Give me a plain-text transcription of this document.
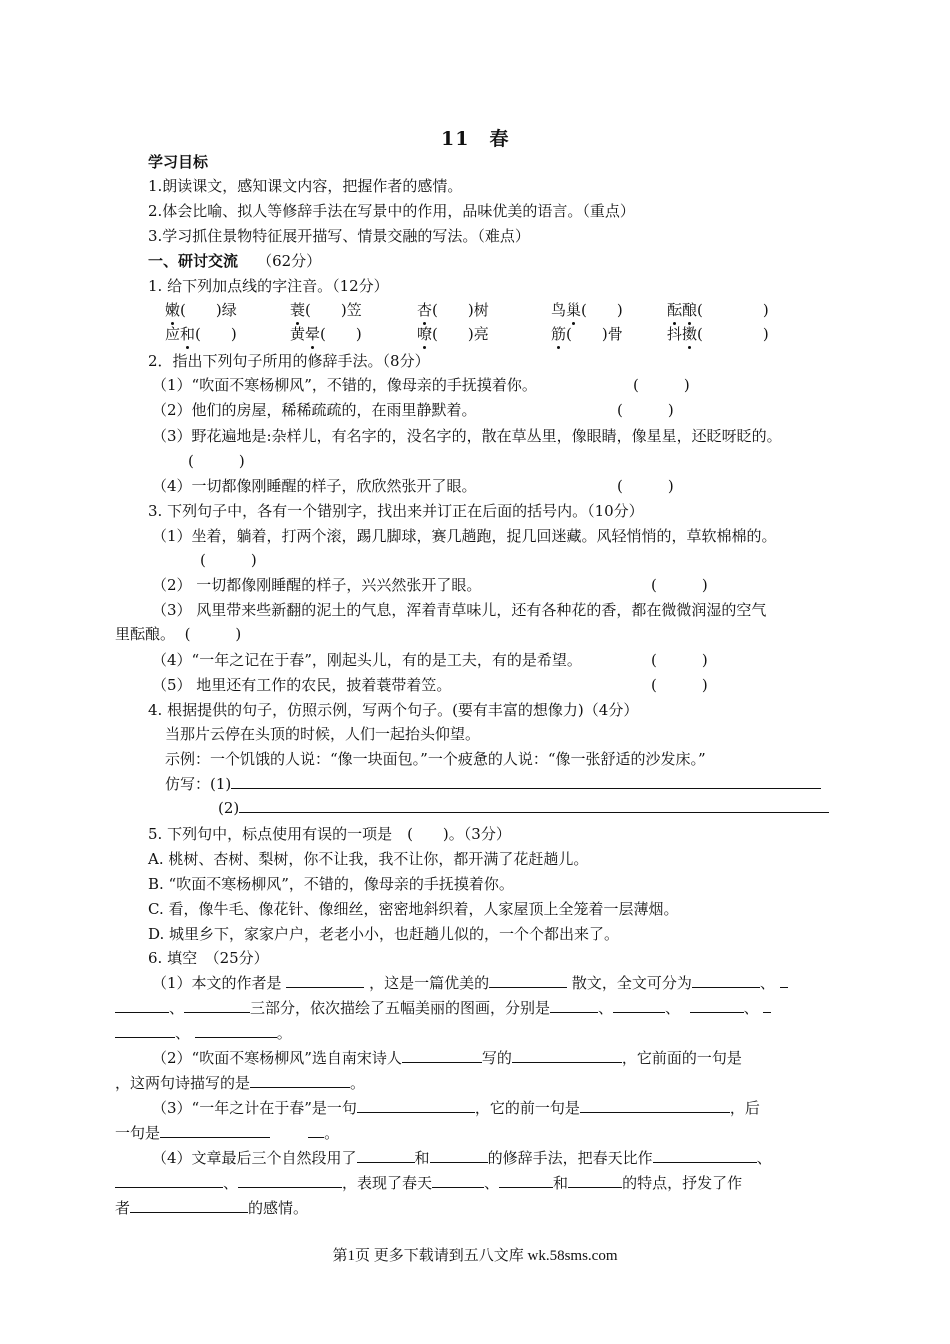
11　春
学习目标
1.朗读课文，感知课文内容，把握作者的感情。
2.体会比喻、拟人等修辞手法在写景中的作用，品味优美的语言。（重点）
3.学习抓住景物特征展开描写、情景交融的写法。（难点）
一、研讨交流 （62分）
1. 给下列加点线的字注音。（12分）
嫩(　　)绿	蓑(　　)笠	杏(　　)树	鸟巢(　　)	酝酿(　　　　)
应和(　　)	黄晕(　　)	嘹(　　)亮	筋(　　)骨	抖擞(　　　　)
2．指出下列句子所用的修辞手法。（8分）
（1）“吹面不寒杨柳风”，不错的，像母亲的手抚摸着你。	(　　　)
（2）他们的房屋，稀稀疏疏的，在雨里静默着。	(　　　)
（3）野花遍地是:杂样儿，有名字的，没名字的，散在草丛里，像眼睛，像星星，还眨呀眨的。
(　　　)
（4）一切都像刚睡醒的样子，欣欣然张开了眼。	(　　　)
3. 下列句子中，各有一个错别字，找出来并订正在后面的括号内。（10分）
（1）坐着，躺着，打两个滚，踢几脚球，赛几趟跑，捉几回迷藏。风轻悄悄的，草软棉棉的。
(　　　)
（2） 一切都像刚睡醒的样子，兴兴然张开了眼。	(　　　)
（3） 风里带来些新翻的泥土的气息，浑着青草味儿，还有各种花的香，都在微微润湿的空气
里酝酿。 (　　　)
（4）“一年之记在于春”，刚起头儿，有的是工夫，有的是希望。	(　　　)
（5） 地里还有工作的农民，披着蓑带着笠。	(　　　)
4. 根据提供的句子，仿照示例，写两个句子。(要有丰富的想像力)（4分）
当那片云停在头顶的时候，人们一起抬头仰望。
示例：一个饥饿的人说：“像一块面包。”一个疲惫的人说：“像一张舒适的沙发床。”
仿写：(1)
(2)
5. 下列句中，标点使用有误的一项是　(　　)。（3分）
A. 桃树、杏树、梨树，你不让我，我不让你，都开满了花赶趟儿。
B. “吹面不寒杨柳风”，不错的，像母亲的手抚摸着你。
C. 看，像牛毛、像花针、像细丝，密密地斜织着，人家屋顶上全笼着一层薄烟。
D. 城里乡下，家家户户，老老小小，也赶趟儿似的，一个个都出来了。
6. 填空　（25分）
（1）本文的作者是	，这是一篇优美的	散文，全文可分为	、
、	三部分，依次描绘了五幅美丽的图画，分别是	、	、	、
、	。
（2）“吹面不寒杨柳风”选自南宋诗人	写的	，它前面的一句是
，这两句诗描写的是	。
（3）“一年之计在于春”是一句	，它的前一句是	，后
一句是	。
（4）文章最后三个自然段用了	和	的修辞手法，把春天比作	、
、	，表现了春天	、	和	的特点，抒发了作
者	的感情。
第1页 更多下载请到五八文库 wk.58sms.com
